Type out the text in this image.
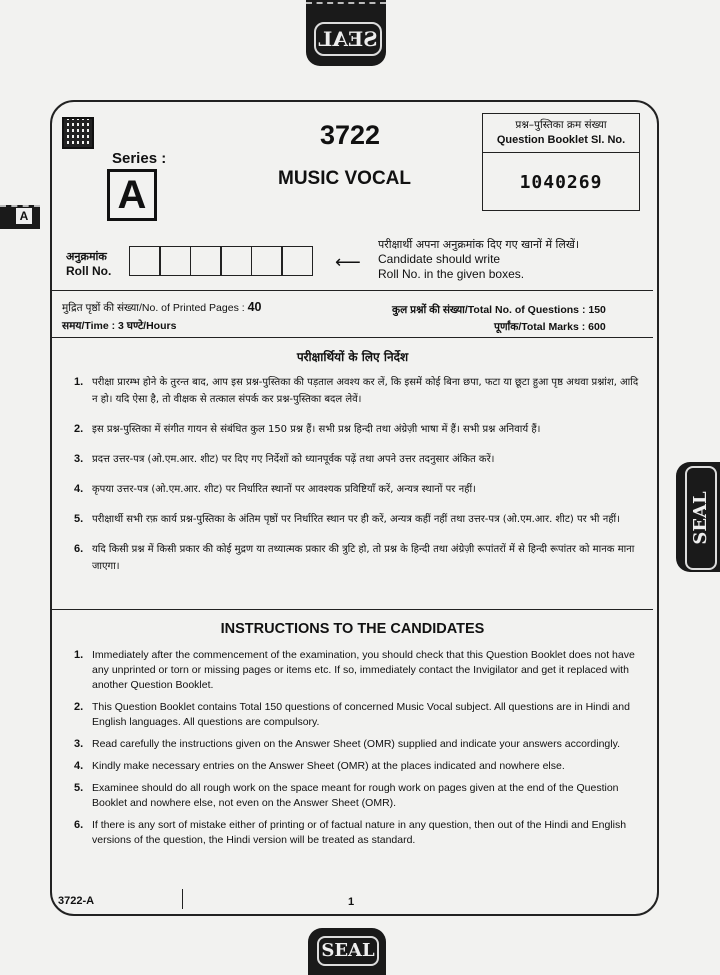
SEAL
SEAL
SEAL
A
Series :
A
3722
MUSIC VOCAL
प्रश्न–पुस्तिका क्रम संख्या
Question Booklet Sl. No.
1040269
अनुक्रमांक
Roll No.	⟵
परीक्षार्थी अपना अनुक्रमांक दिए गए खानों में लिखें।
Candidate should write
Roll No. in the given boxes.
मुद्रित पृष्ठों की संख्या/No. of Printed Pages : 40
समय/Time : 3 घण्टे/Hours
कुल प्रश्नों की संख्या/Total No. of Questions : 150
पूर्णांक/Total Marks : 600
परीक्षार्थियों के लिए निर्देश
1. परीक्षा प्रारम्भ होने के तुरन्त बाद, आप इस प्रश्न-पुस्तिका की पड़ताल अवश्य कर लें, कि इसमें कोई बिना छपा, फटा या छूटा हुआ पृष्ठ अथवा प्रश्नांश, आदि न हो। यदि ऐसा है, तो वीक्षक से तत्काल संपर्क कर प्रश्न-पुस्तिका बदल लेवें।
2. इस प्रश्न-पुस्तिका में संगीत गायन से संबंधित कुल 150 प्रश्न हैं। सभी प्रश्न हिन्दी तथा अंग्रेज़ी भाषा में हैं। सभी प्रश्न अनिवार्य हैं।
3. प्रदत्त उत्तर-पत्र (ओ.एम.आर. शीट) पर दिए गए निर्देशों को ध्यानपूर्वक पढ़ें तथा अपने उत्तर तदनुसार अंकित करें।
4. कृपया उत्तर-पत्र (ओ.एम.आर. शीट) पर निर्धारित स्थानों पर आवश्यक प्रविष्टियाँ करें, अन्यत्र स्थानों पर नहीं।
5. परीक्षार्थी सभी रफ़ कार्य प्रश्न-पुस्तिका के अंतिम पृष्ठों पर निर्धारित स्थान पर ही करें, अन्यत्र कहीं नहीं तथा उत्तर-पत्र (ओ.एम.आर. शीट) पर भी नहीं।
6. यदि किसी प्रश्न में किसी प्रकार की कोई मुद्रण या तथ्यात्मक प्रकार की त्रुटि हो, तो प्रश्न के हिन्दी तथा अंग्रेज़ी रूपांतरों में से हिन्दी रूपांतर को मानक माना जाएगा।
INSTRUCTIONS TO THE CANDIDATES
1. Immediately after the commencement of the examination, you should check that this Question Booklet does not have any unprinted or torn or missing pages or items etc. If so, immediately contact the Invigilator and get it replaced with another Question Booklet.
2. This Question Booklet contains Total 150 questions of concerned Music Vocal subject. All questions are in Hindi and English languages. All questions are compulsory.
3. Read carefully the instructions given on the Answer Sheet (OMR) supplied and indicate your answers accordingly.
4. Kindly make necessary entries on the Answer Sheet (OMR) at the places indicated and nowhere else.
5. Examinee should do all rough work on the space meant for rough work on pages given at the end of the Question Booklet and nowhere else, not even on the Answer Sheet (OMR).
6. If there is any sort of mistake either of printing or of factual nature in any question, then out of the Hindi and English versions of the question, the Hindi version will be treated as standard.
3722-A	1
